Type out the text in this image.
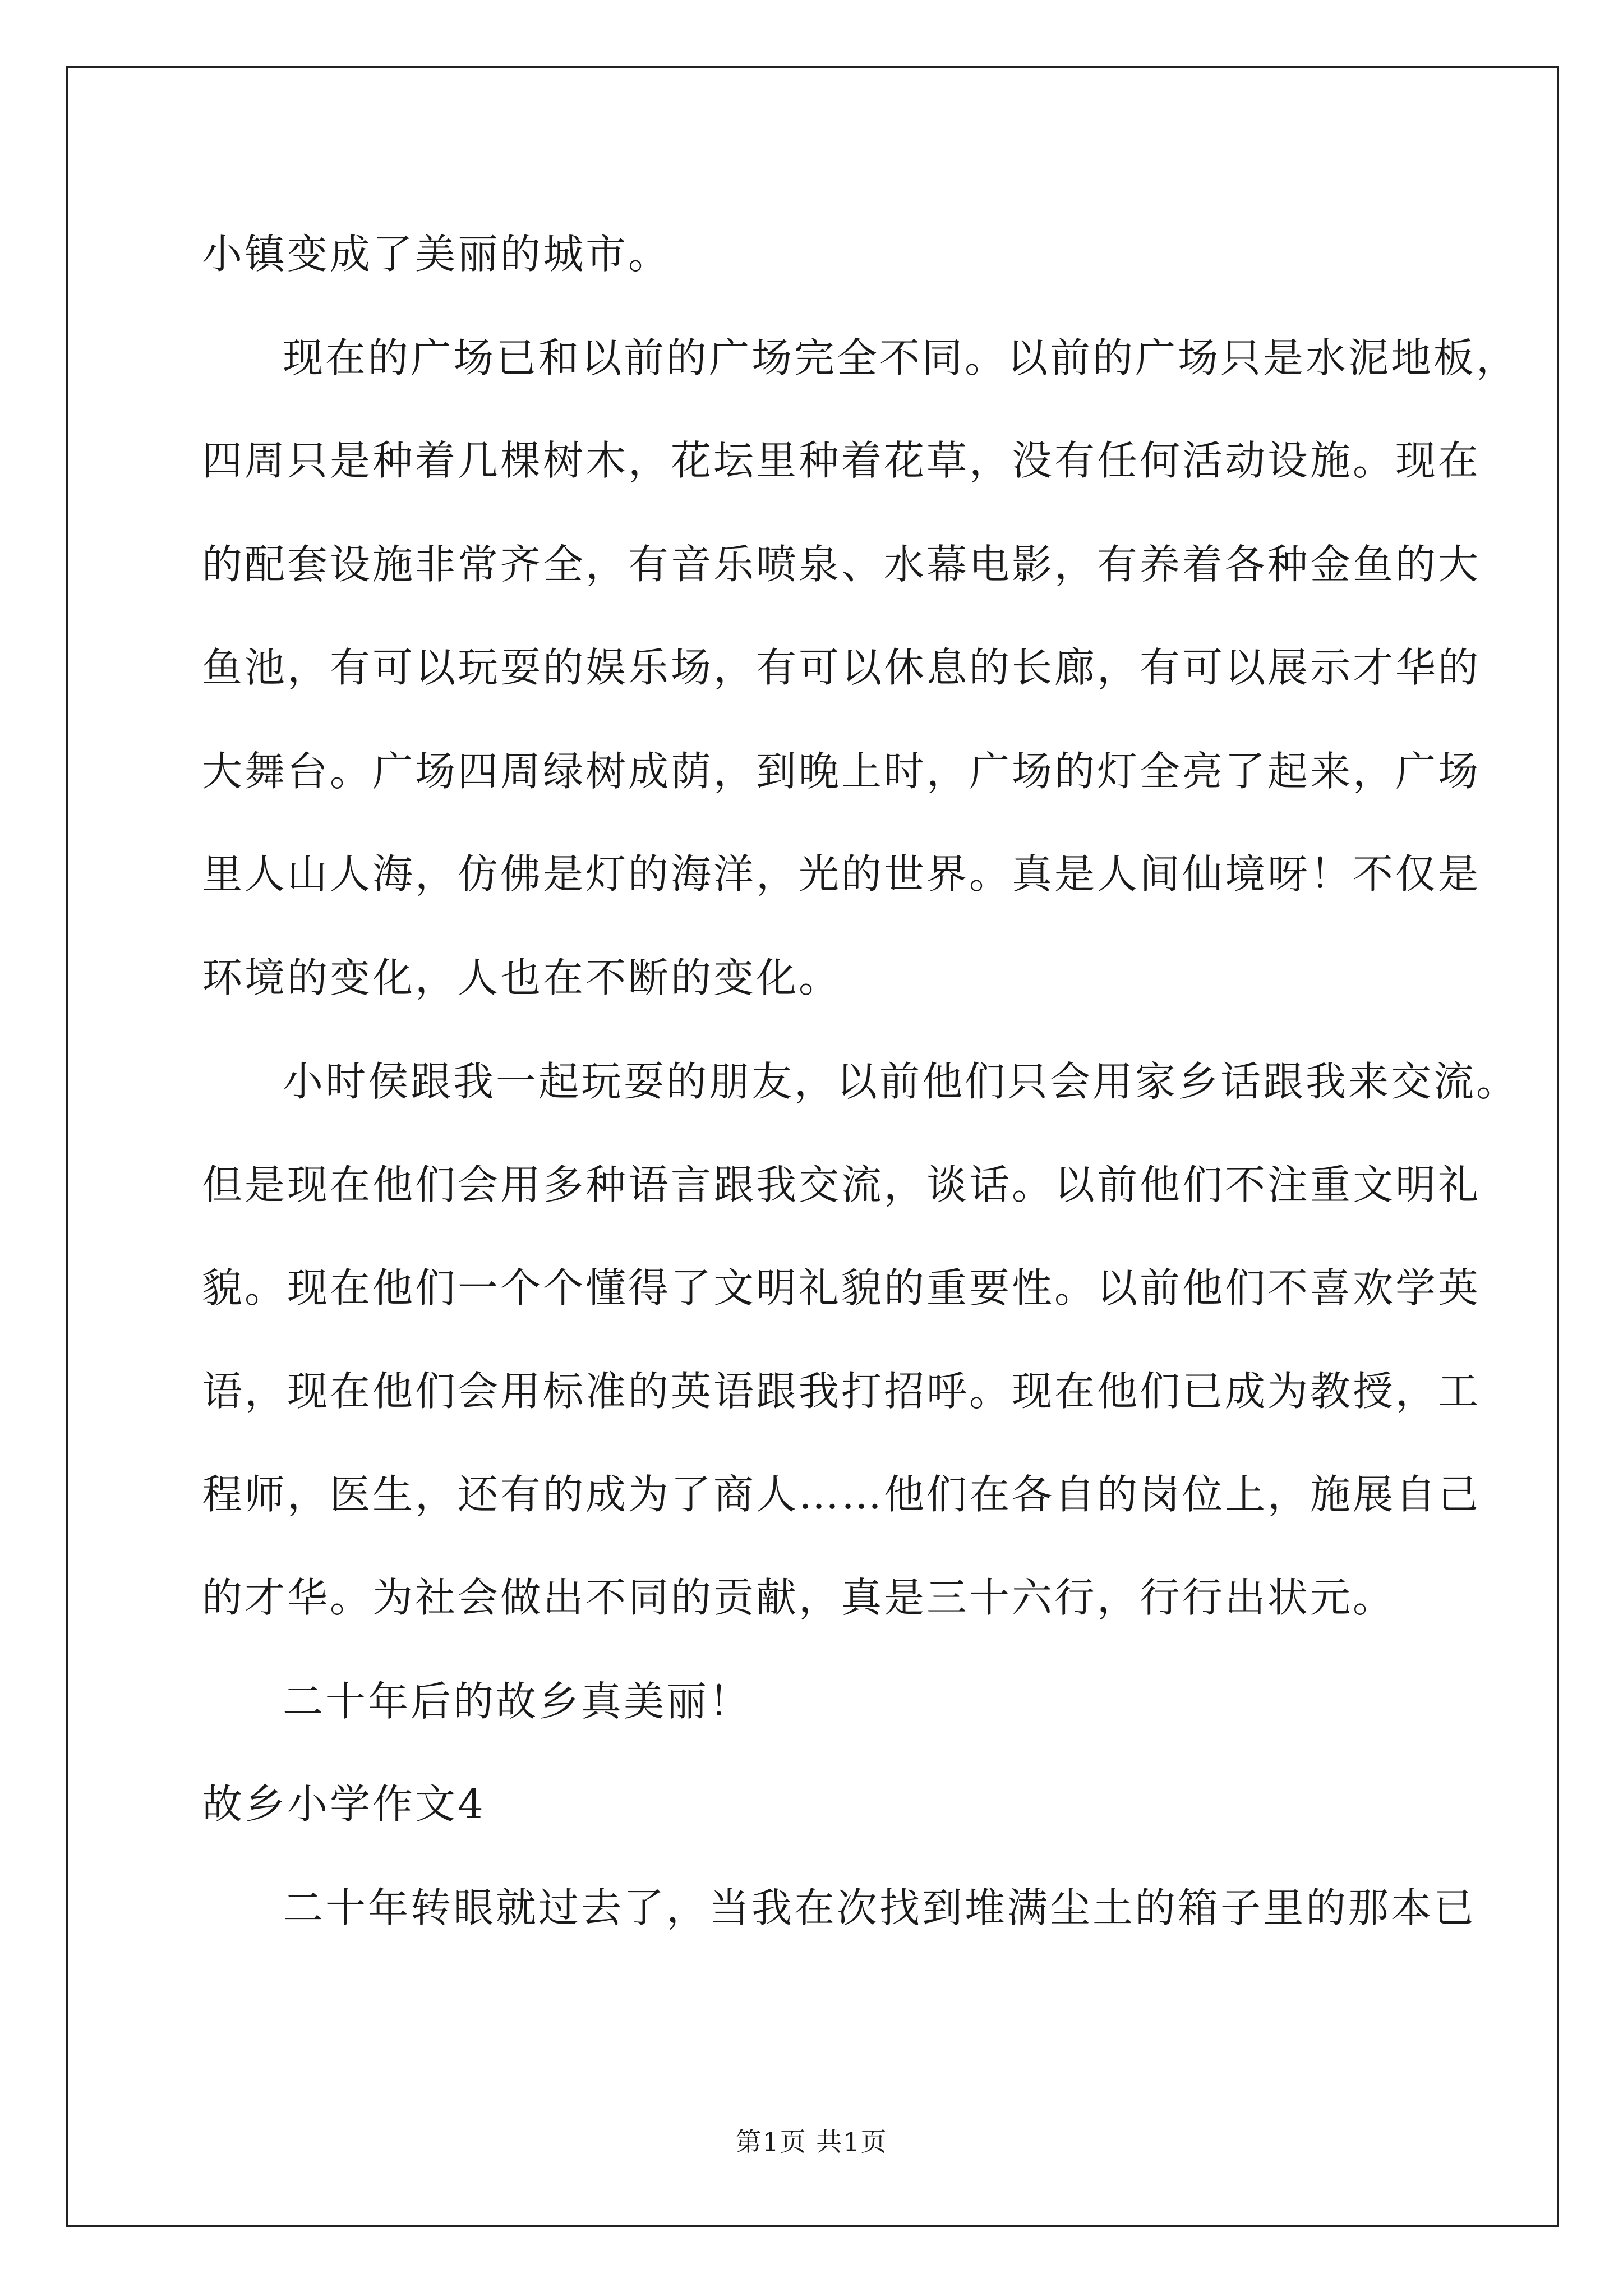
小镇变成了美丽的城市。

现在的广场已和以前的广场完全不同。以前的广场只是水泥地板，

四周只是种着几棵树木，花坛里种着花草，没有任何活动设施。现在

的配套设施非常齐全，有音乐喷泉、水幕电影，有养着各种金鱼的大

鱼池，有可以玩耍的娱乐场，有可以休息的长廊，有可以展示才华的

大舞台。广场四周绿树成荫，到晚上时，广场的灯全亮了起来，广场

里人山人海，仿佛是灯的海洋，光的世界。真是人间仙境呀！不仅是

环境的变化，人也在不断的变化。

小时侯跟我一起玩耍的朋友，以前他们只会用家乡话跟我来交流。

但是现在他们会用多种语言跟我交流，谈话。以前他们不注重文明礼

貌。现在他们一个个懂得了文明礼貌的重要性。以前他们不喜欢学英

语，现在他们会用标准的英语跟我打招呼。现在他们已成为教授，工

程师，医生，还有的成为了商人……他们在各自的岗位上，施展自己

的才华。为社会做出不同的贡献，真是三十六行，行行出状元。

二十年后的故乡真美丽！

故乡小学作文4

二十年转眼就过去了，当我在次找到堆满尘土的箱子里的那本已

第1页 共1页
